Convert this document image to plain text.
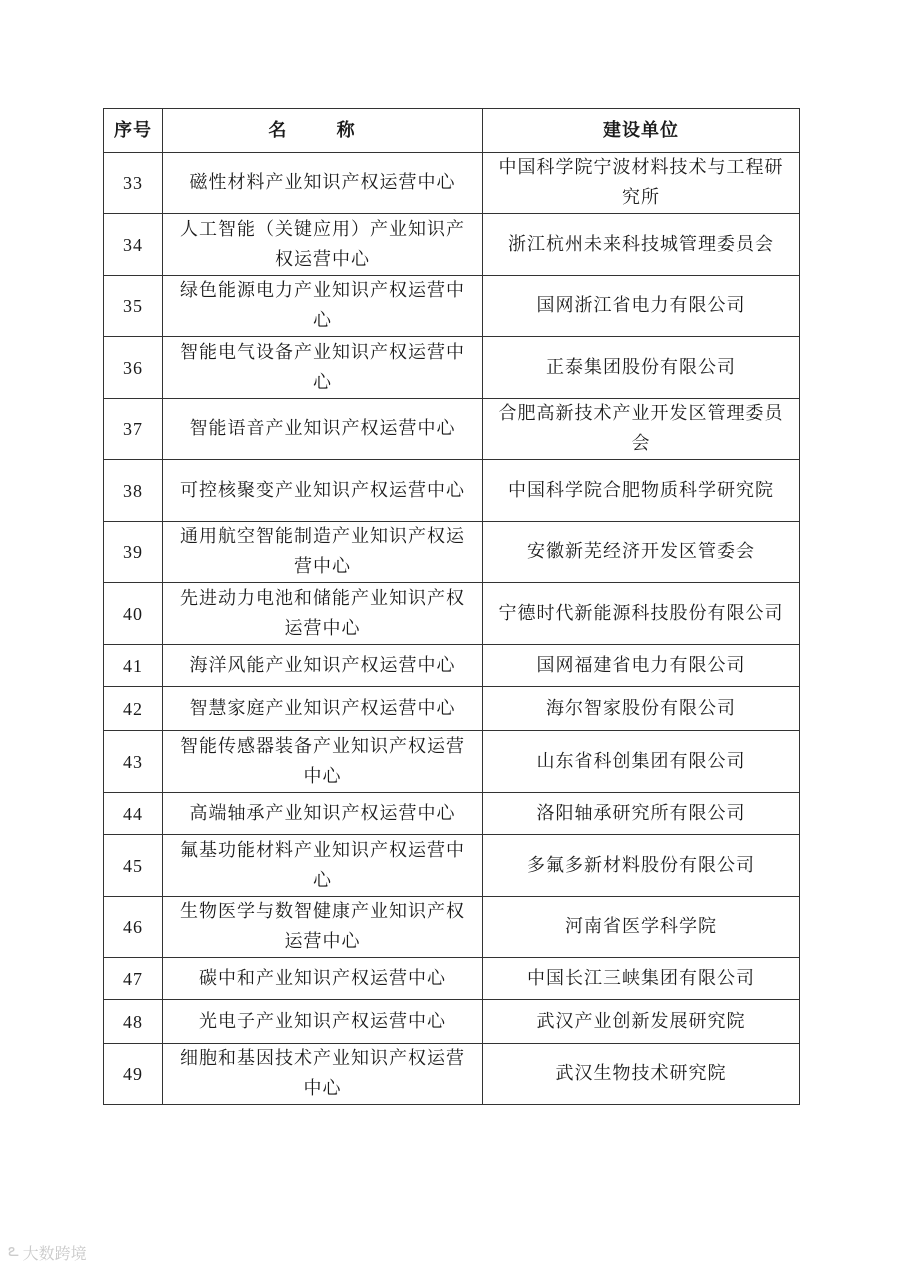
序号	名 称	建设单位
33	磁性材料产业知识产权运营中心	中国科学院宁波材料技术与工程研究所
34	人工智能（关键应用）产业知识产权运营中心	浙江杭州未来科技城管理委员会
35	绿色能源电力产业知识产权运营中心	国网浙江省电力有限公司
36	智能电气设备产业知识产权运营中心	正泰集团股份有限公司
37	智能语音产业知识产权运营中心	合肥高新技术产业开发区管理委员会
38	可控核聚变产业知识产权运营中心	中国科学院合肥物质科学研究院
39	通用航空智能制造产业知识产权运营中心	安徽新芜经济开发区管委会
40	先进动力电池和储能产业知识产权运营中心	宁德时代新能源科技股份有限公司
41	海洋风能产业知识产权运营中心	国网福建省电力有限公司
42	智慧家庭产业知识产权运营中心	海尔智家股份有限公司
43	智能传感器装备产业知识产权运营中心	山东省科创集团有限公司
44	高端轴承产业知识产权运营中心	洛阳轴承研究所有限公司
45	氟基功能材料产业知识产权运营中心	多氟多新材料股份有限公司
46	生物医学与数智健康产业知识产权运营中心	河南省医学科学院
47	碳中和产业知识产权运营中心	中国长江三峡集团有限公司
48	光电子产业知识产权运营中心	武汉产业创新发展研究院
49	细胞和基因技术产业知识产权运营中心	武汉生物技术研究院
ఽ 大数跨境
